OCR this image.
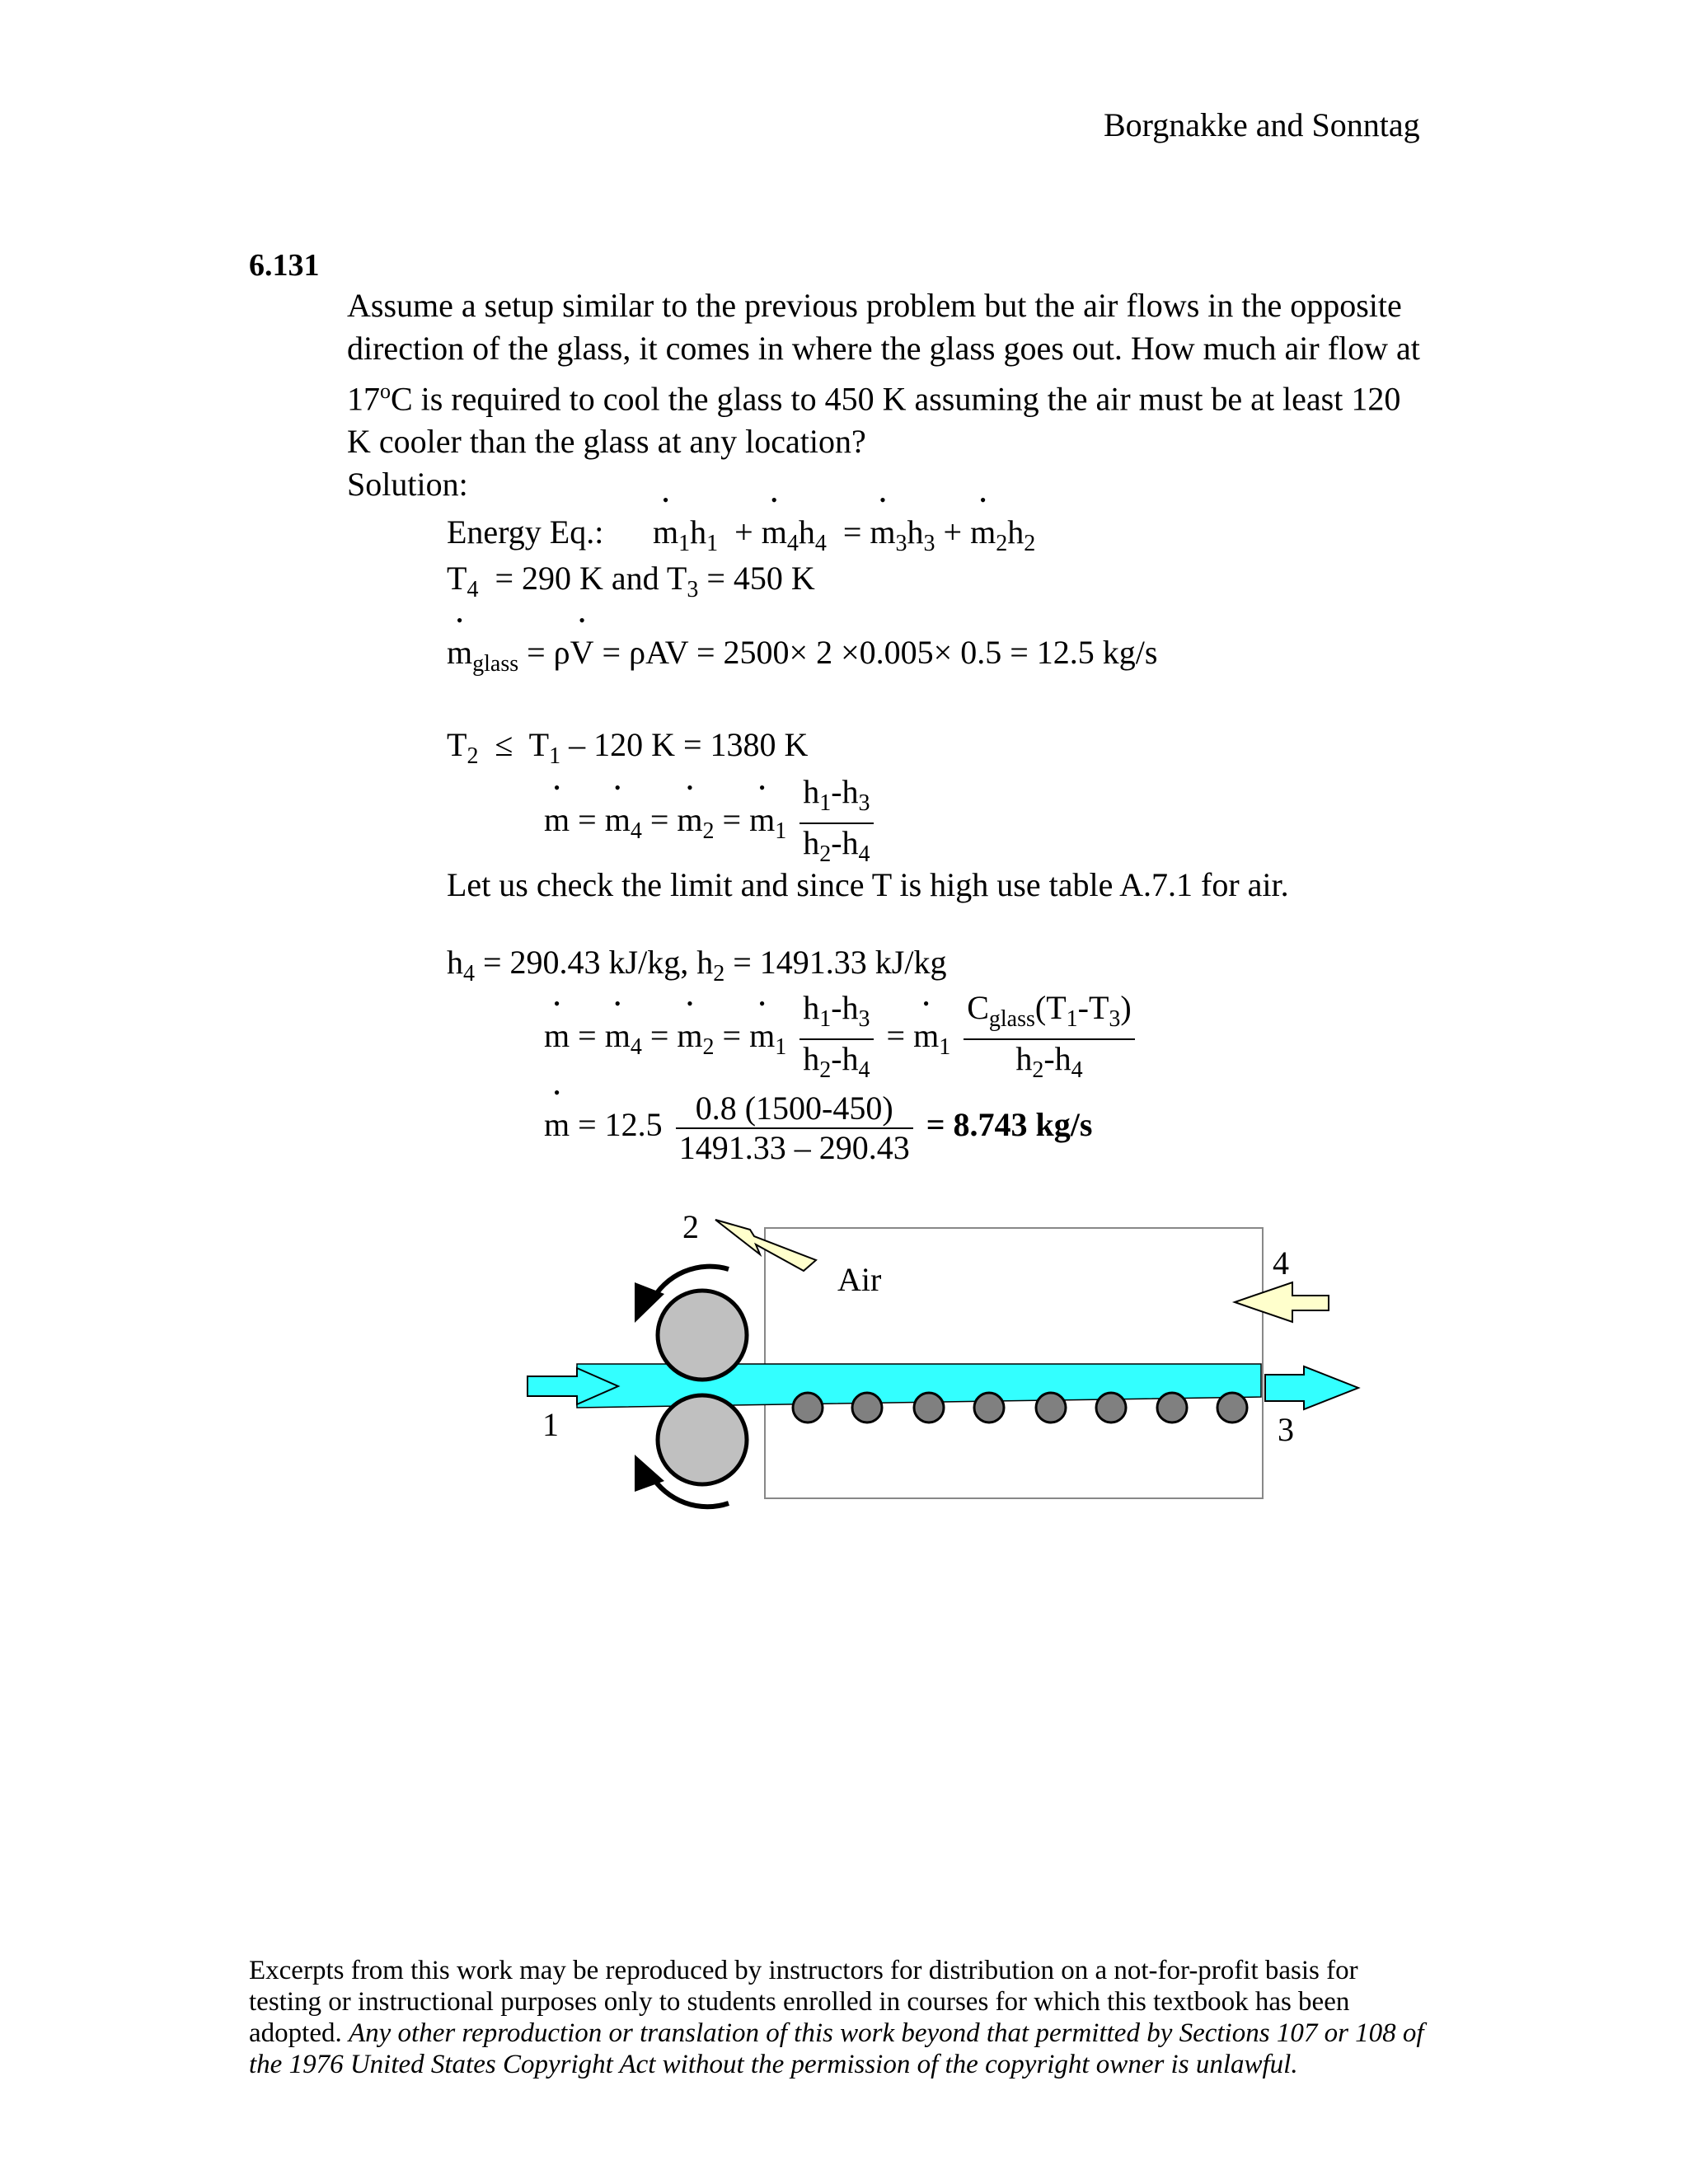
Borgnakke and Sonntag
6.131

Assume a setup similar to the previous problem but the air flows in the opposite

direction of the glass, it comes in where the glass goes out. How much air flow at

17$^o$C is required to cool the glass to 450 K assuming the air must be at least 120

K cooler than the glass at any location?

Solution:

Energy Eq.: • $m_1h_1$  + • $m_4h_4$  = • $m_3h_3$ + • $m_2h_2$
$T_4 = 290$ K and $T_3 = 450$ K
• $m_{glass}$ = ρ• V = ρAV = 2500× 2 ×0.005× 0.5 = 12.5 kg/s
$T_2 \le T_1 - 120$ K = 1380 K
• m = • $m_4$ = • $m_2$ = • $m_1 \frac{h_1-h_3}{h_2-h_4}$
Let us check the limit and since T is high use table A.7.1 for air.
$h_4 = 290.43$ kJ/kg, $h_2 = 1491.33$ kJ/kg
• m = • $m_4$ = • $m_2$ = • $m_1 \frac{h_1-h_3}{h_2-h_4}$ = • $m_1 \frac{C_{glass}(T_1-T_3)}{h_2-h_4}$
• $m = 12.5 \frac{0.8 (1500-450)}{1491.33 - 290.43} = 8.743$ kg/s
2
Air	4
1	3
Excerpts from this work may be reproduced by instructors for distribution on a not-for-profit basis for testing or instructional purposes only to students enrolled in courses for which this textbook has been adopted. Any other reproduction or translation of this work beyond that permitted by Sections 107 or 108 of the 1976 United States Copyright Act without the permission of the copyright owner is unlawful.
